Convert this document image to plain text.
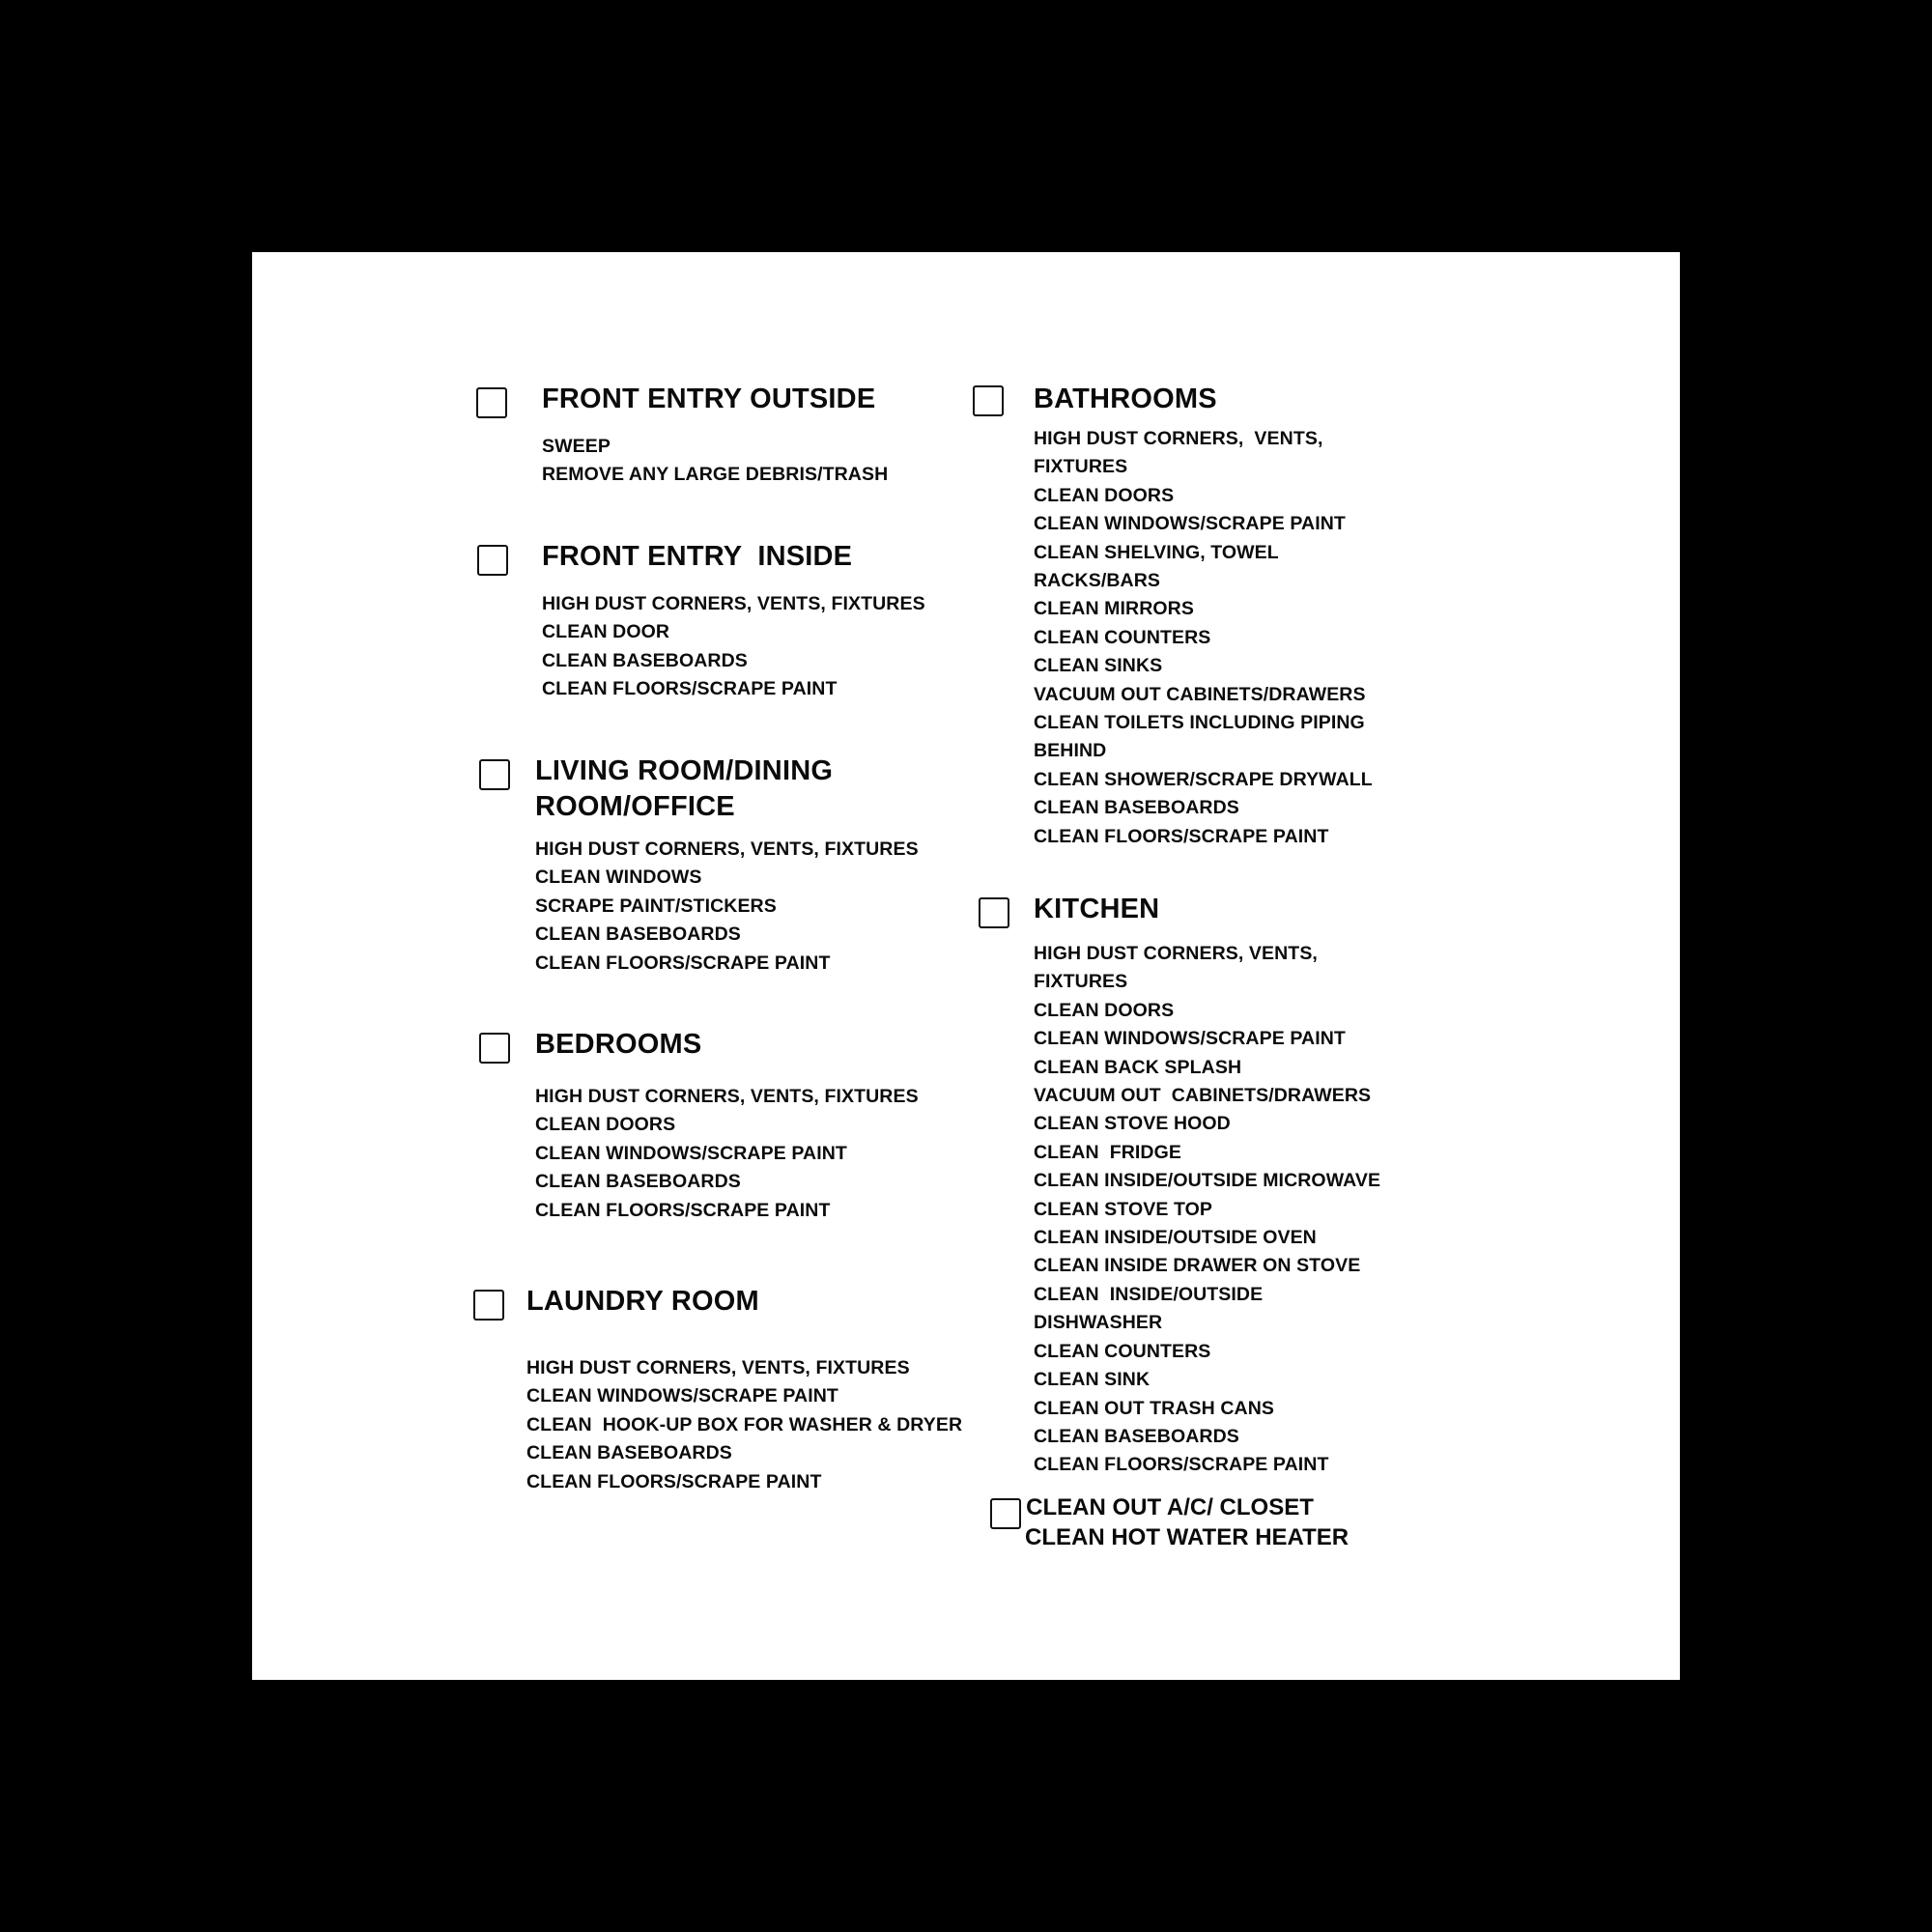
FRONT ENTRY OUTSIDE
SWEEP
REMOVE ANY LARGE DEBRIS/TRASH
FRONT ENTRY  INSIDE
HIGH DUST CORNERS, VENTS, FIXTURES
CLEAN DOOR
CLEAN BASEBOARDS
CLEAN FLOORS/SCRAPE PAINT
LIVING ROOM/DINING
ROOM/OFFICE
HIGH DUST CORNERS, VENTS, FIXTURES
CLEAN WINDOWS
SCRAPE PAINT/STICKERS
CLEAN BASEBOARDS
CLEAN FLOORS/SCRAPE PAINT
BEDROOMS
HIGH DUST CORNERS, VENTS, FIXTURES
CLEAN DOORS
CLEAN WINDOWS/SCRAPE PAINT
CLEAN BASEBOARDS
CLEAN FLOORS/SCRAPE PAINT
LAUNDRY ROOM
HIGH DUST CORNERS, VENTS, FIXTURES
CLEAN WINDOWS/SCRAPE PAINT
CLEAN  HOOK-UP BOX FOR WASHER & DRYER
CLEAN BASEBOARDS
CLEAN FLOORS/SCRAPE PAINT
BATHROOMS
HIGH DUST CORNERS,  VENTS,
FIXTURES
CLEAN DOORS
CLEAN WINDOWS/SCRAPE PAINT
CLEAN SHELVING, TOWEL
RACKS/BARS
CLEAN MIRRORS
CLEAN COUNTERS
CLEAN SINKS
VACUUM OUT CABINETS/DRAWERS
CLEAN TOILETS INCLUDING PIPING
BEHIND
CLEAN SHOWER/SCRAPE DRYWALL
CLEAN BASEBOARDS
CLEAN FLOORS/SCRAPE PAINT
KITCHEN
HIGH DUST CORNERS, VENTS,
FIXTURES
CLEAN DOORS
CLEAN WINDOWS/SCRAPE PAINT
CLEAN BACK SPLASH
VACUUM OUT  CABINETS/DRAWERS
CLEAN STOVE HOOD
CLEAN  FRIDGE
CLEAN INSIDE/OUTSIDE MICROWAVE
CLEAN STOVE TOP
CLEAN INSIDE/OUTSIDE OVEN
CLEAN INSIDE DRAWER ON STOVE
CLEAN  INSIDE/OUTSIDE
DISHWASHER
CLEAN COUNTERS
CLEAN SINK
CLEAN OUT TRASH CANS
CLEAN BASEBOARDS
CLEAN FLOORS/SCRAPE PAINT
CLEAN OUT A/C/ CLOSET
CLEAN HOT WATER HEATER
